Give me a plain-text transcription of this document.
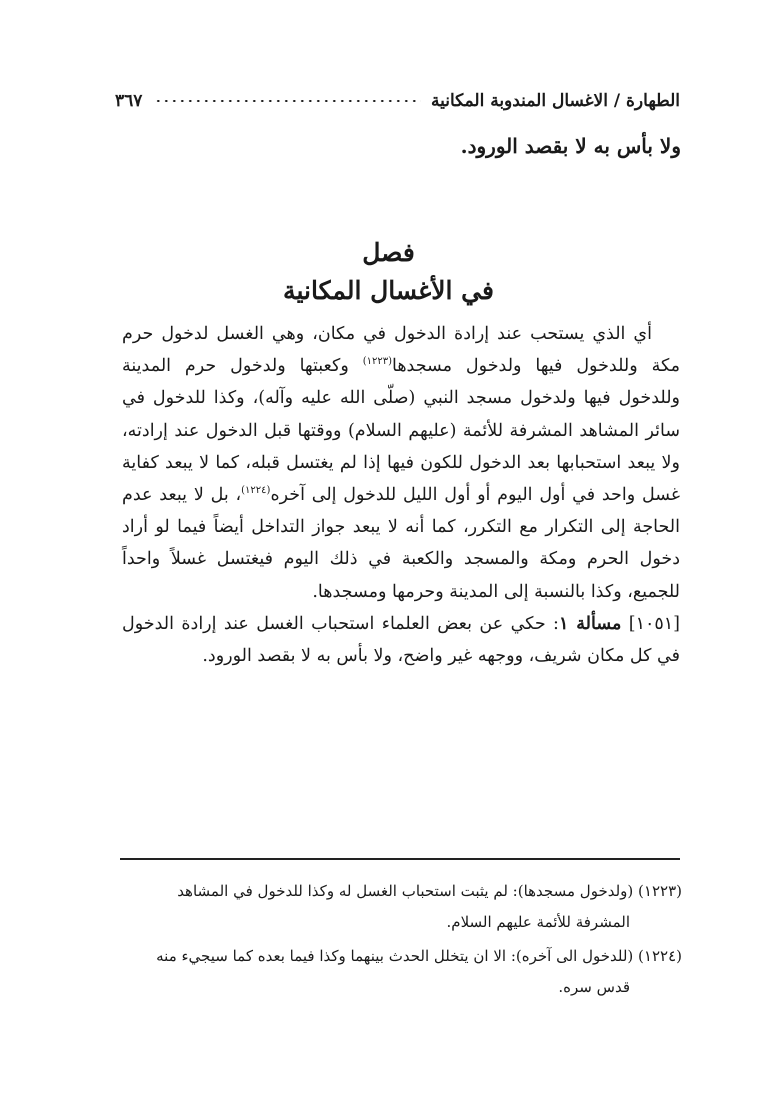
الطهارة / الاغسال المندوبة المكانية
٣٦٧
ولا بأس به لا بقصد الورود.
فصل
في الأغسال المكانية

أي الذي يستحب عند إرادة الدخول في مكان، وهي الغسل لدخول حرم مكة وللدخول فيها ولدخول مسجدها$^{(١٢٢٣)}$ وكعبتها ولدخول حرم المدينة وللدخول فيها ولدخول مسجد النبي (صلّى الله عليه وآله)، وكذا للدخول في سائر المشاهد المشرفة للأئمة (عليهم السلام) ووقتها قبل الدخول عند إرادته، ولا يبعد استحبابها بعد الدخول للكون فيها إذا لم يغتسل قبله، كما لا يبعد كفاية غسل واحد في أول اليوم أو أول الليل للدخول إلى آخره$^{(١٢٢٤)}$، بل لا يبعد عدم الحاجة إلى التكرار مع التكرر، كما أنه لا يبعد جواز التداخل أيضاً فيما لو أراد دخول الحرم ومكة والمسجد والكعبة في ذلك اليوم فيغتسل غسلاً واحداً للجميع، وكذا بالنسبة إلى المدينة وحرمها ومسجدها.

[١٠٥١] مسألة ١: حكي عن بعض العلماء استحباب الغسل عند إرادة الدخول في كل مكان شريف، ووجهه غير واضح، ولا بأس به لا بقصد الورود.

(١٢٢٣) (ولدخول مسجدها): لم يثبت استحباب الغسل له وكذا للدخول في المشاهد
المشرفة للأئمة عليهم السلام.
(١٢٢٤) (للدخول الى آخره): الا ان يتخلل الحدث بينهما وكذا فيما بعده كما سيجيء منه
قدس سره.
